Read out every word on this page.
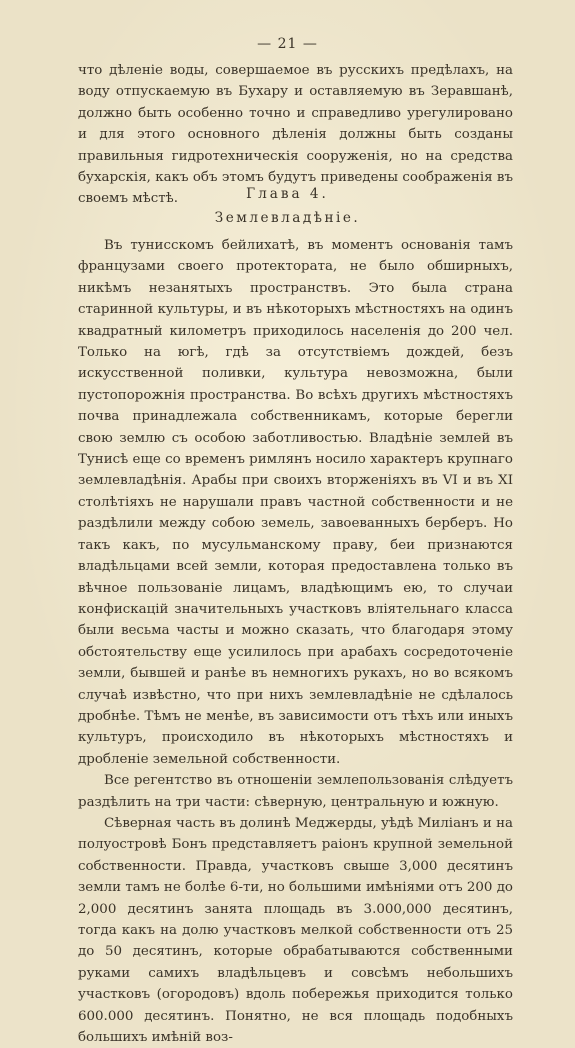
— 21 —

что дѣленіе воды, совершаемое въ русскихъ предѣлахъ, на воду отпускаемую въ Бухару и оставляемую въ Зеравшанѣ, должно быть особенно точно и справедливо урегулировано и для этого основного дѣленія должны быть созданы правильныя гидротехническія сооруженія, но на средства бухарскія, какъ объ этомъ будутъ приведены соображенія въ своемъ мѣстѣ.	Глава 4.
Землевладѣніе.

Въ тунисскомъ бейлихатѣ, въ моментъ основанія тамъ французами своего протектората, не было обширныхъ, никѣмъ незанятыхъ пространствъ. Это была страна старинной культуры, и въ нѣкоторыхъ мѣстностяхъ на одинъ квадратный километръ приходилось населенія до 200 чел. Только на югѣ, гдѣ за отсутствіемъ дождей, безъ искусственной поливки, культура невозможна, были пустопорожнія пространства. Во всѣхъ другихъ мѣстностяхъ почва принадлежала собственникамъ, которые берегли свою землю съ особою заботливостью. Владѣніе землей въ Тунисѣ еще со временъ римлянъ носило характеръ крупнаго землевладѣнія. Арабы при своихъ вторженіяхъ въ VI и въ XI столѣтіяхъ не нарушали правъ частной собственности и не раздѣлили между собою земель, завоеванныхъ берберъ. Но такъ какъ, по мусульманскому праву, беи признаются владѣльцами всей земли, которая предоставлена только въ вѣчное пользованіе лицамъ, владѣющимъ ею, то случаи конфискацій значительныхъ участковъ вліятельнаго класса были весьма часты и можно сказать, что благодаря этому обстоятельству еще усилилось при арабахъ сосредоточеніе земли, бывшей и ранѣе въ немногихъ рукахъ, но во всякомъ случаѣ извѣстно, что при нихъ землевладѣніе не сдѣлалось дробнѣе. Тѣмъ не менѣе, въ зависимости отъ тѣхъ или иныхъ культуръ, происходило въ нѣкоторыхъ мѣстностяхъ и дробленіе земельной собственности.

Все регентство въ отношеніи землепользованія слѣдуетъ раздѣлить на три части: сѣверную, центральную и южную.

Сѣверная часть въ долинѣ Меджерды, уѣдѣ Миліанъ и на полуостровѣ Бонъ представляетъ раіонъ крупной земельной собственности. Правда, участковъ свыше 3,000 десятинъ земли тамъ не болѣе 6-ти, но большими имѣніями отъ 200 до 2,000 десятинъ занята площадь въ 3.000,000 десятинъ, тогда какъ на долю участковъ мелкой собственности отъ 25 до 50 десятинъ, которые обрабатываются собственными руками самихъ владѣльцевъ и совсѣмъ небольшихъ участковъ (огородовъ) вдоль побережья приходится только 600.000 десятинъ. Понятно, не вся площадь подобныхъ большихъ имѣній воз-
